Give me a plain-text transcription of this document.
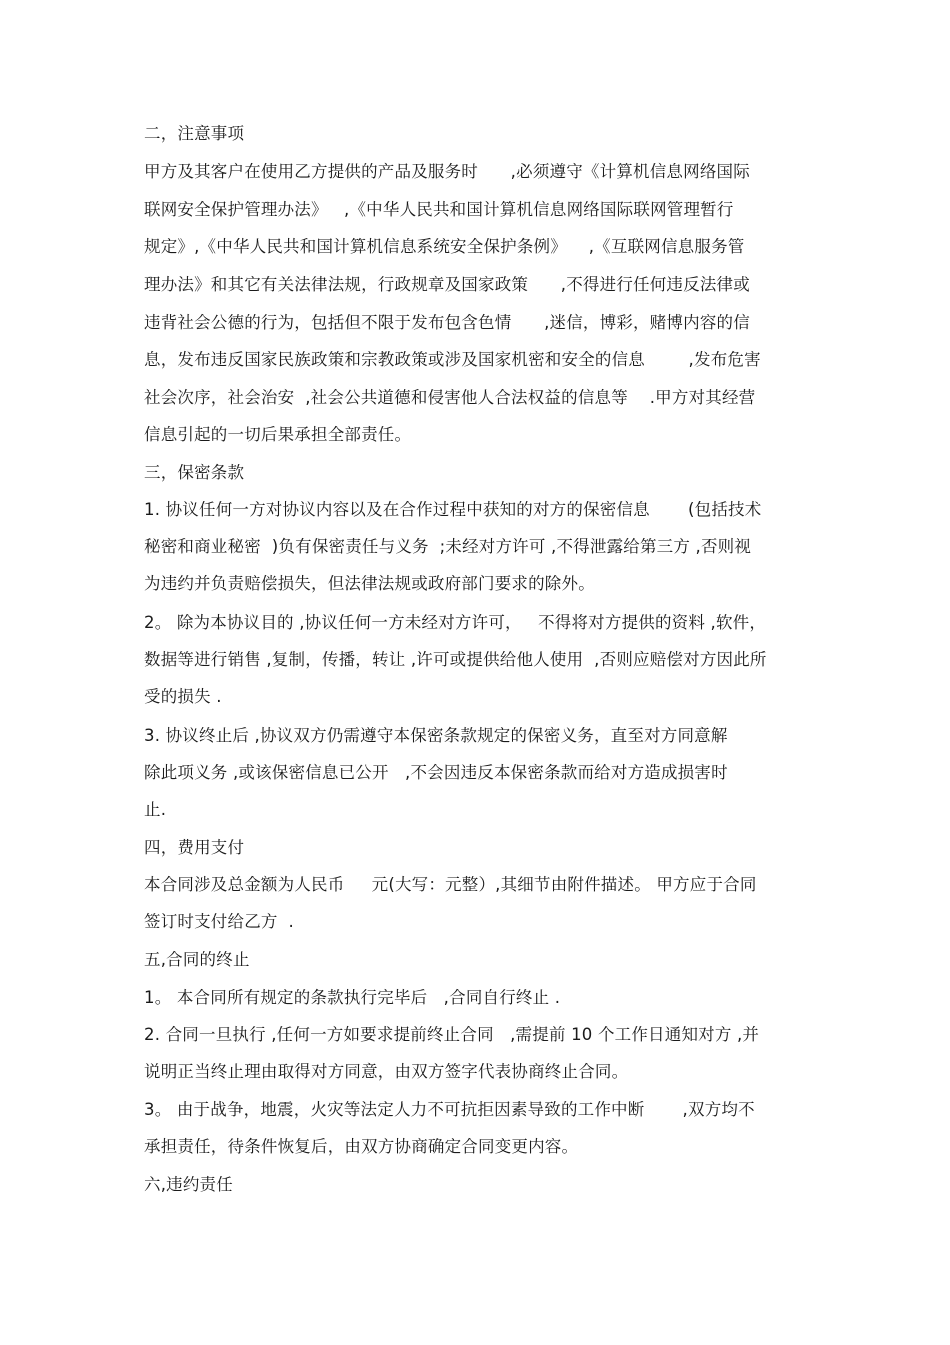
二，注意事项
甲方及其客户在使用乙方提供的产品及服务时      ,必须遵守《计算机信息网络国际
联网安全保护管理办法》   ,《中华人民共和国计算机信息网络国际联网管理暂行
规定》,《中华人民共和国计算机信息系统安全保护条例》    ,《互联网信息服务管
理办法》和其它有关法律法规，行政规章及国家政策      ,不得进行任何违反法律或
违背社会公德的行为，包括但不限于发布包含色情      ,迷信，博彩，赌博内容的信
息，发布违反国家民族政策和宗教政策或涉及国家机密和安全的信息        ,发布危害
社会次序，社会治安  ,社会公共道德和侵害他人合法权益的信息等    .甲方对其经营
信息引起的一切后果承担全部责任。
三，保密条款
1. 协议任何一方对协议内容以及在合作过程中获知的对方的保密信息       (包括技术
秘密和商业秘密  )负有保密责任与义务  ;未经对方许可 ,不得泄露给第三方 ,否则视
为违约并负责赔偿损失，但法律法规或政府部门要求的除外。
2。 除为本协议目的 ,协议任何一方未经对方许可，   不得将对方提供的资料 ,软件，
数据等进行销售 ,复制，传播，转让 ,许可或提供给他人使用  ,否则应赔偿对方因此所
受的损失 .
3. 协议终止后 ,协议双方仍需遵守本保密条款规定的保密义务，直至对方同意解
除此项义务 ,或该保密信息已公开   ,不会因违反本保密条款而给对方造成损害时
止.
四，费用支付
本合同涉及总金额为人民币     元(大写：元整）,其细节由附件描述。 甲方应于合同
签订时支付给乙方  .
五,合同的终止
1。 本合同所有规定的条款执行完毕后   ,合同自行终止 .
2. 合同一旦执行 ,任何一方如要求提前终止合同   ,需提前 10 个工作日通知对方 ,并
说明正当终止理由取得对方同意，由双方签字代表协商终止合同。
3。 由于战争，地震，火灾等法定人力不可抗拒因素导致的工作中断       ,双方均不
承担责任，待条件恢复后，由双方协商确定合同变更内容。
六,违约责任
